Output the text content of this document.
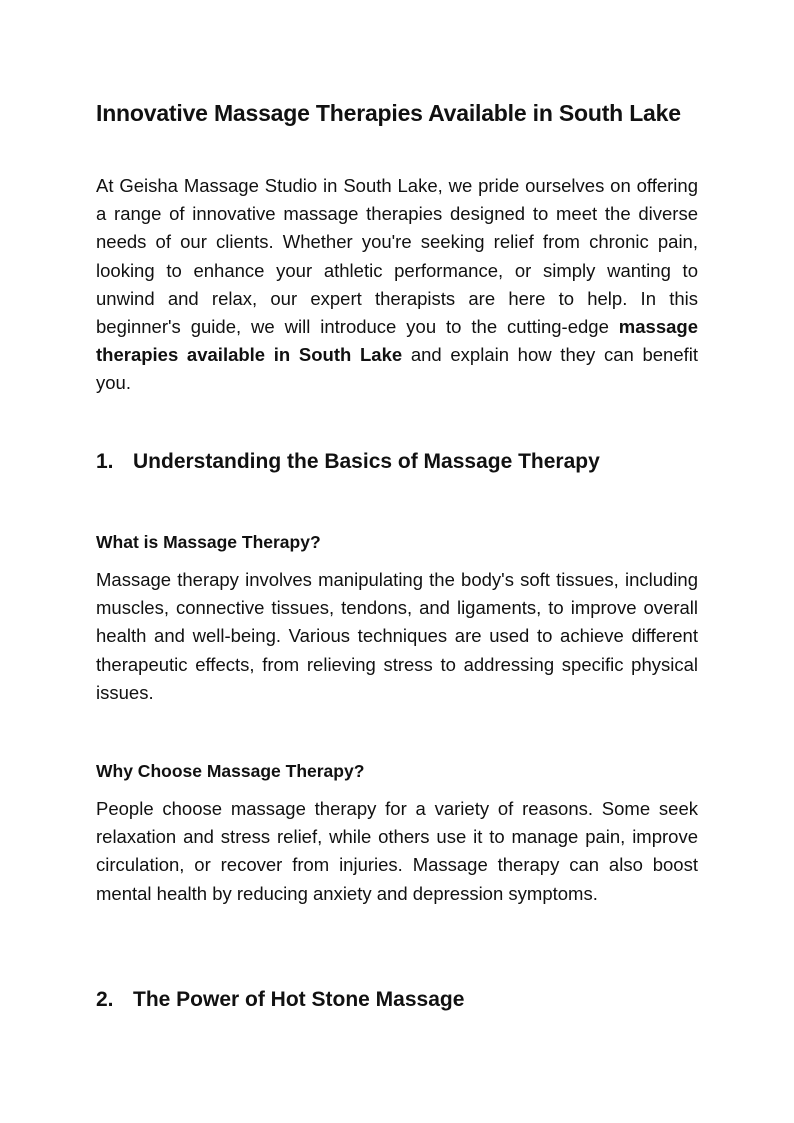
Innovative Massage Therapies Available in South Lake

At Geisha Massage Studio in South Lake, we pride ourselves on offering a range of innovative massage therapies designed to meet the diverse needs of our clients. Whether you're seeking relief from chronic pain, looking to enhance your athletic performance, or simply wanting to unwind and relax, our expert therapists are here to help. In this beginner's guide, we will introduce you to the cutting-edge massage therapies available in South Lake and explain how they can benefit you.

1. Understanding the Basics of Massage Therapy
What is Massage Therapy?

Massage therapy involves manipulating the body's soft tissues, including muscles, connective tissues, tendons, and ligaments, to improve overall health and well-being. Various techniques are used to achieve different therapeutic effects, from relieving stress to addressing specific physical issues.

Why Choose Massage Therapy?

People choose massage therapy for a variety of reasons. Some seek relaxation and stress relief, while others use it to manage pain, improve circulation, or recover from injuries. Massage therapy can also boost mental health by reducing anxiety and depression symptoms.

2. The Power of Hot Stone Massage
